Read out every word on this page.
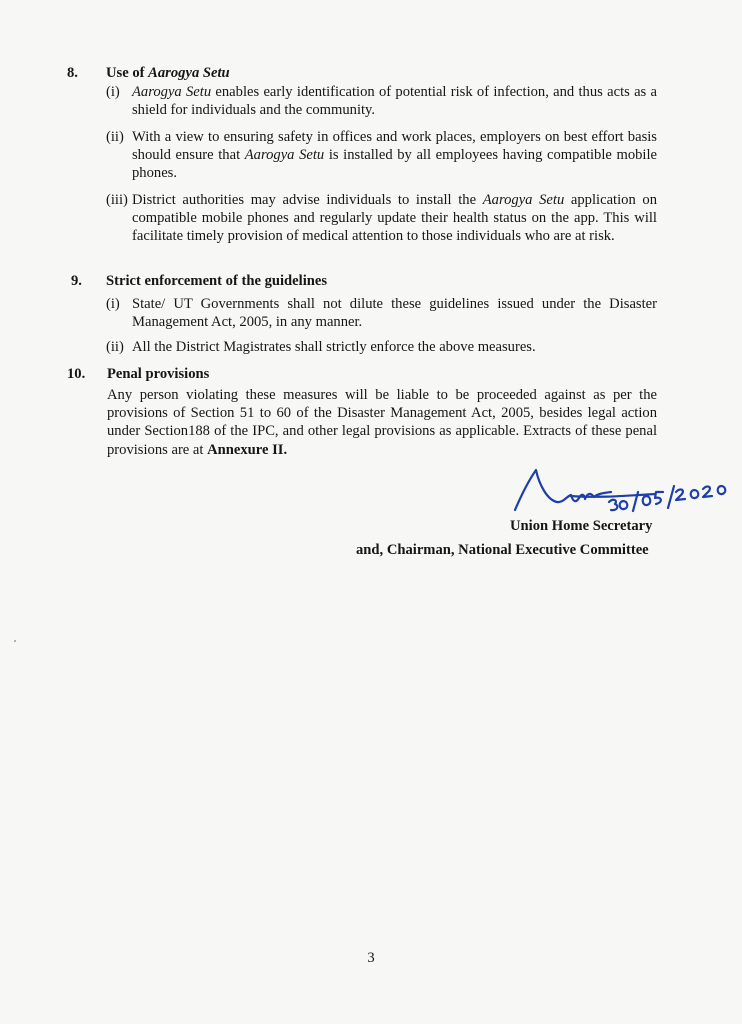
8. Use of Aarogya Setu
(i) Aarogya Setu enables early identification of potential risk of infection, and thus acts as a shield for individuals and the community.
(ii) With a view to ensuring safety in offices and work places, employers on best effort basis should ensure that Aarogya Setu is installed by all employees having compatible mobile phones.
(iii) District authorities may advise individuals to install the Aarogya Setu application on compatible mobile phones and regularly update their health status on the app. This will facilitate timely provision of medical attention to those individuals who are at risk.
9. Strict enforcement of the guidelines
(i) State/ UT Governments shall not dilute these guidelines issued under the Disaster Management Act, 2005, in any manner.
(ii) All the District Magistrates shall strictly enforce the above measures.
10. Penal provisions
Any person violating these measures will be liable to be proceeded against as per the provisions of Section 51 to 60 of the Disaster Management Act, 2005, besides legal action under Section188 of the IPC, and other legal provisions as applicable. Extracts of these penal provisions are at Annexure II.
Union Home Secretary
and, Chairman, National Executive Committee
3
